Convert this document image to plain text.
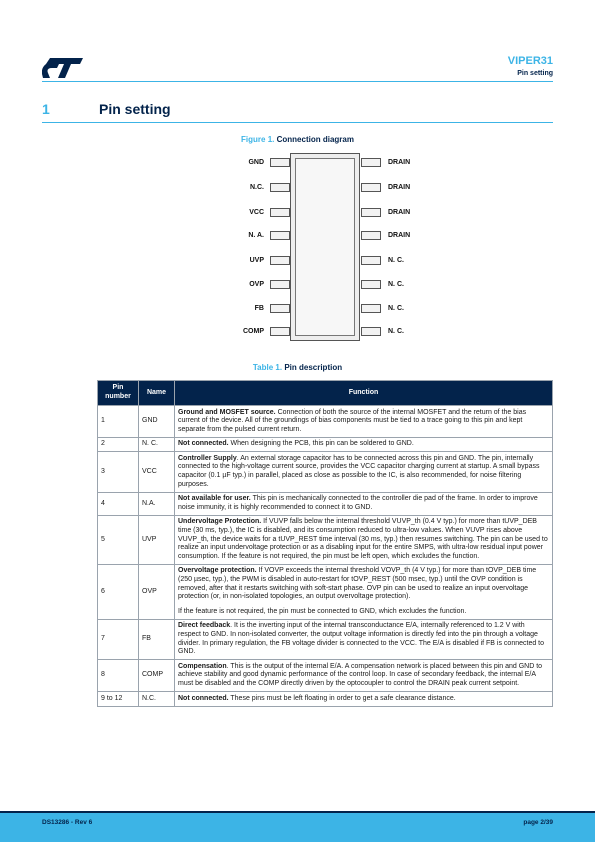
VIPER31
Pin setting
1	Pin setting
Figure 1. Connection diagram
GND	DRAIN
N.C.	DRAIN
VCC	DRAIN
N. A.	DRAIN
UVP	N. C.
OVP	N. C.
FB	N. C.
COMP	N. C.
Table 1. Pin description
Pin number	Name	Function
1	GND	Ground and MOSFET source. Connection of both the source of the internal MOSFET and the return of the bias current of the device. All of the groundings of bias components must be tied to a trace going to this pin and kept separate from the pulsed current return.

2	N. C.	Not connected. When designing the PCB, this pin can be soldered to GND.

3	VCC	Controller Supply. An external storage capacitor has to be connected across this pin and GND. The pin, internally connected to the high-voltage current source, provides the VCC capacitor charging current at startup. A small bypass capacitor (0.1 µF typ.) in parallel, placed as close as possible to the IC, is also recommended, for noise filtering purposes.

4	N.A.	Not available for user. This pin is mechanically connected to the controller die pad of the frame. In order to improve noise immunity, it is highly recommended to connect it to GND.

5	UVP	Undervoltage Protection. If VUVP falls below the internal threshold VUVP_th (0.4 V typ.) for more than tUVP_DEB time (30 ms, typ.), the IC is disabled, and its consumption reduced to ultra-low values. When VUVP rises above VUVP_th, the device waits for a tUVP_REST time interval (30 ms, typ.) then resumes switching. The pin can be used to realize an input undervoltage protection or as a disabling input for the entire SMPS, with ultra-low residual input power consumption. If the feature is not required, the pin must be left open, which excludes the function.

6	OVP	Overvoltage protection. If VOVP exceeds the internal threshold VOVP_th (4 V typ.) for more than tOVP_DEB time (250 µsec, typ.), the PWM is disabled in auto-restart for tOVP_REST (500 msec, typ.) until the OVP condition is removed, after that it restarts switching with soft-start phase. OVP pin can be used to realize an input overvoltage protection (or, in non-isolated topologies, an output overvoltage protection).

If the feature is not required, the pin must be connected to GND, which excludes the function.

7	FB	Direct feedback. It is the inverting input of the internal transconductance E/A, internally referenced to 1.2 V with respect to GND. In non-isolated converter, the output voltage information is directly fed into the pin through a voltage divider. In primary regulation, the FB voltage divider is connected to the VCC. The E/A is disabled if FB is connected to GND.

8	COMP	Compensation. This is the output of the internal E/A. A compensation network is placed between this pin and GND to achieve stability and good dynamic performance of the control loop. In case of secondary feedback, the internal E/A must be disabled and the COMP directly driven by the optocoupler to control the DRAIN peak current setpoint.

9 to 12	N.C.	Not connected. These pins must be left floating in order to get a safe clearance distance.

DS13286 - Rev 6	page 2/39
